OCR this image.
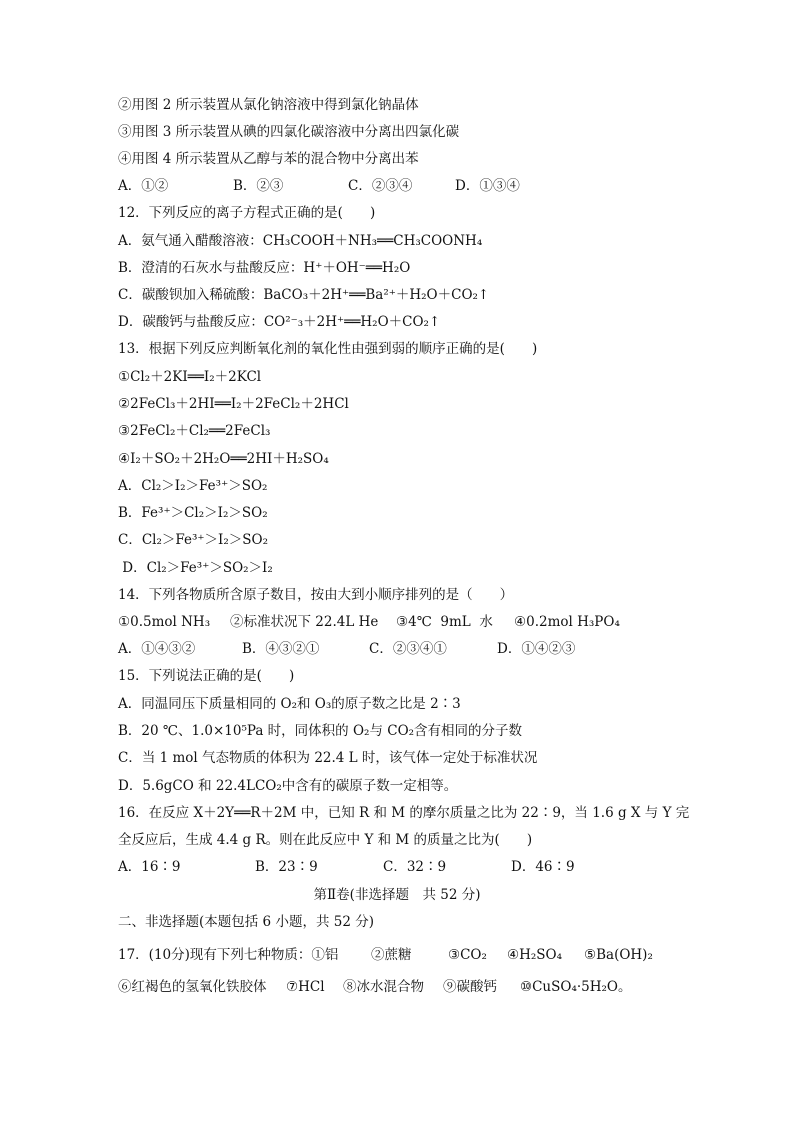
②用图 2 所示装置从氯化钠溶液中得到氯化钠晶体
③用图 3 所示装置从碘的四氯化碳溶液中分离出四氯化碳
④用图 4 所示装置从乙醇与苯的混合物中分离出苯
A．①②	B．②③	C．②③④	D．①③④
12．下列反应的离子方程式正确的是(　　)
A．氨气通入醋酸溶液：CH₃COOH＋NH₃══CH₃COONH₄
B．澄清的石灰水与盐酸反应：H⁺＋OH⁻══H₂O
C．碳酸钡加入稀硫酸：BaCO₃＋2H⁺══Ba²⁺＋H₂O＋CO₂↑
D．碳酸钙与盐酸反应：CO²⁻₃＋2H⁺══H₂O＋CO₂↑
13．根据下列反应判断氧化剂的氧化性由强到弱的顺序正确的是(　　)
①Cl₂＋2KI══I₂＋2KCl
②2FeCl₃＋2HI══I₂＋2FeCl₂＋2HCl
③2FeCl₂＋Cl₂══2FeCl₃
④I₂＋SO₂＋2H₂O══2HI＋H₂SO₄
A．Cl₂＞I₂＞Fe³⁺＞SO₂
B．Fe³⁺＞Cl₂＞I₂＞SO₂
C．Cl₂＞Fe³⁺＞I₂＞SO₂
D．Cl₂＞Fe³⁺＞SO₂＞I₂
14．下列各物质所含原子数目，按由大到小顺序排列的是（　　）
①0.5mol NH₃ ②标准状况下 22.4L He ③4℃  9mL  水 ④0.2mol H₃PO₄
A．①④③②	B．④③②①	C．②③④①	D．①④②③
15．下列说法正确的是(　　)
A．同温同压下质量相同的 O₂和 O₃的原子数之比是 2∶3
B．20 ℃、1.0×10⁵Pa 时，同体积的 O₂与 CO₂含有相同的分子数
C．当 1 mol 气态物质的体积为 22.4 L 时，该气体一定处于标准状况
D．5.6gCO 和 22.4LCO₂中含有的碳原子数一定相等。
16．在反应 X＋2Y══R＋2M 中，已知 R 和 M 的摩尔质量之比为 22∶9，当 1.6 g X 与 Y 完
全反应后，生成 4.4 g R。则在此反应中 Y 和 M 的质量之比为(　　)
A．16∶9	B．23∶9	C．32∶9	D．46∶9
第Ⅱ卷(非选择题　共 52 分)
二、非选择题(本题包括 6 小题，共 52 分)
17．(10分)现有下列七种物质：①铝 ②蔗糖	③CO₂ ④H₂SO₄ ⑤Ba(OH)₂
⑥红褐色的氢氧化铁胶体 ⑦HCl ⑧冰水混合物 ⑨碳酸钙 ⑩CuSO₄·5H₂O。
